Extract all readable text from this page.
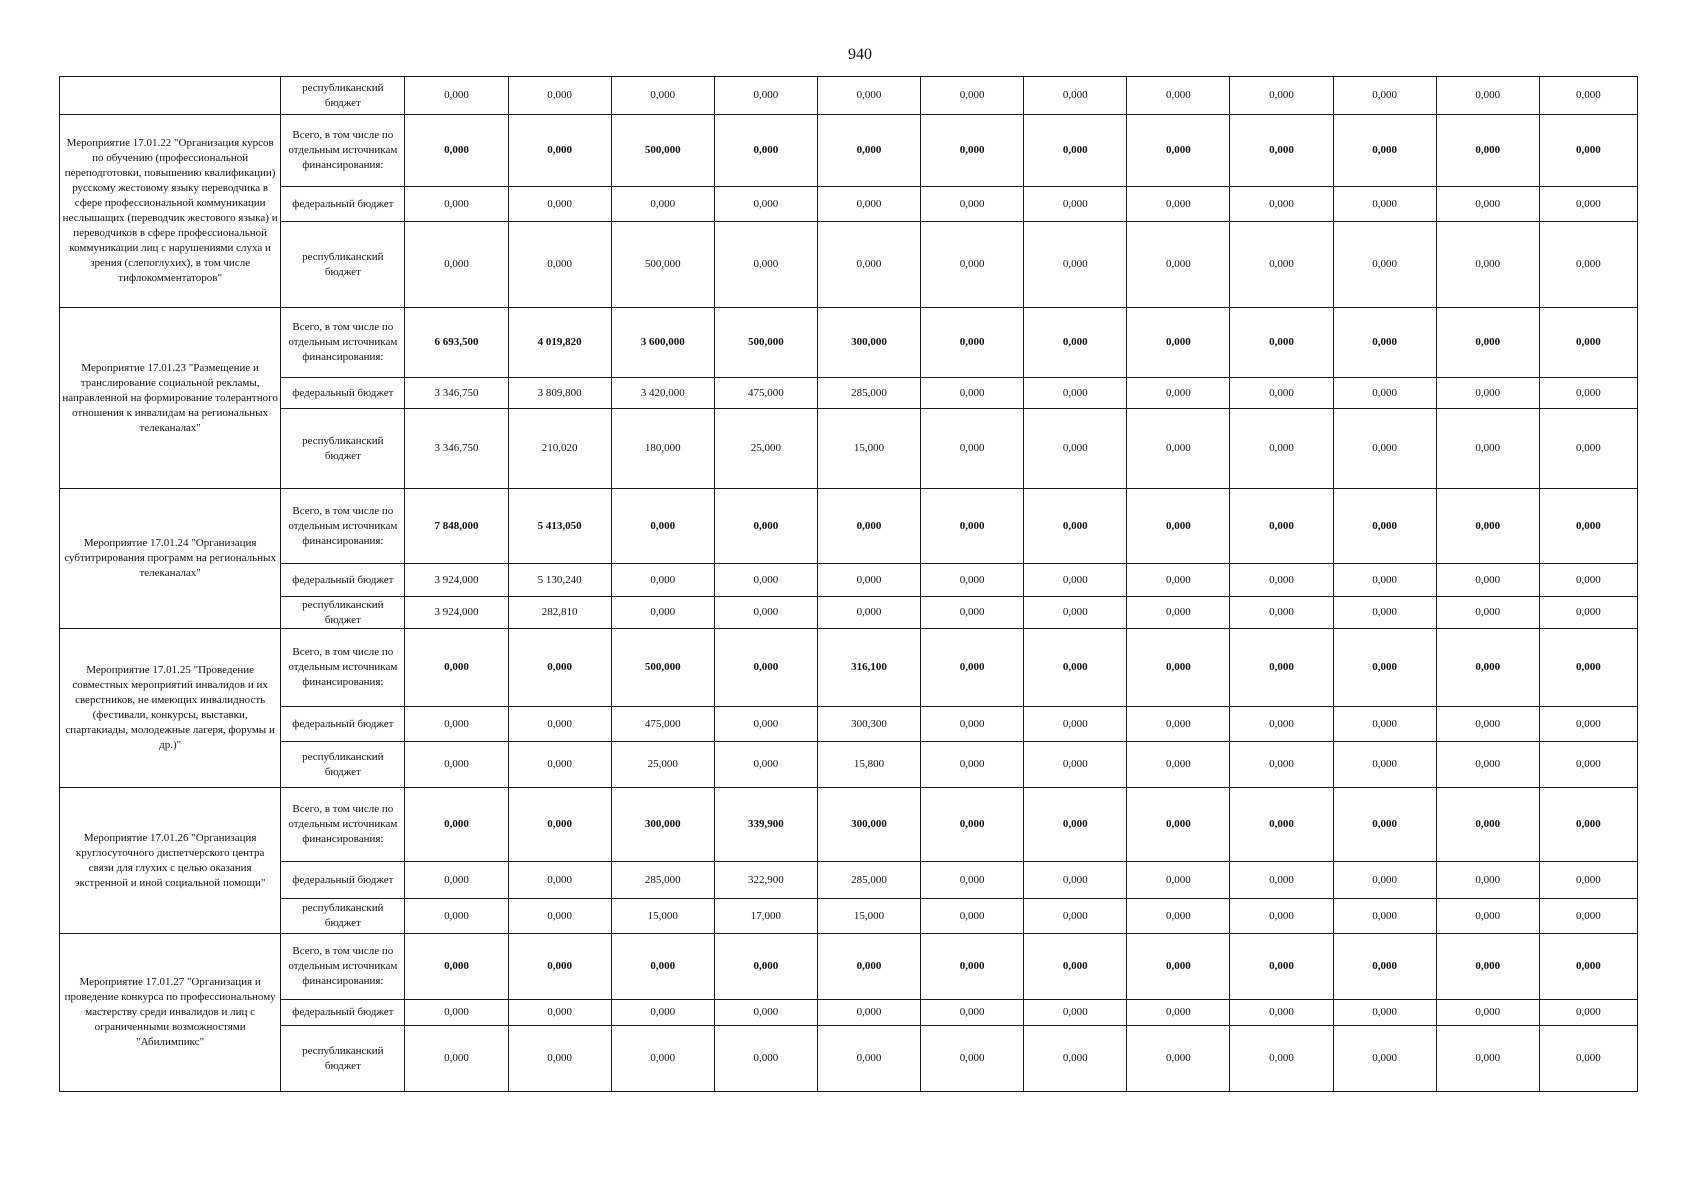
940
	республиканский бюджет	0,000	0,000	0,000	0,000	0,000	0,000	0,000	0,000	0,000	0,000	0,000	0,000
Мероприятие 17.01.22 "Организация курсов по обучению (профессиональной переподготовки, повышению квалификации) русскому жестовому языку переводчика в сфере профессиональной коммуникации неслышащих (переводчик жестового языка) и переводчиков в сфере профессиональной коммуникации лиц с нарушениями слуха и зрения (слепоглухих), в том числе тифлокомментаторов"	Всего, в том числе по отдельным источникам финансирования:	0,000	0,000	500,000	0,000	0,000	0,000	0,000	0,000	0,000	0,000	0,000	0,000
	федеральный бюджет	0,000	0,000	0,000	0,000	0,000	0,000	0,000	0,000	0,000	0,000	0,000	0,000
	республиканский бюджет	0,000	0,000	500,000	0,000	0,000	0,000	0,000	0,000	0,000	0,000	0,000	0,000
Мероприятие 17.01.23 "Размещение и транслирование социальной рекламы, направленной на формирование толерантного отношения к инвалидам на региональных телеканалах"	Всего, в том числе по отдельным источникам финансирования:	6 693,500	4 019,820	3 600,000	500,000	300,000	0,000	0,000	0,000	0,000	0,000	0,000	0,000
	федеральный бюджет	3 346,750	3 809,800	3 420,000	475,000	285,000	0,000	0,000	0,000	0,000	0,000	0,000	0,000
	республиканский бюджет	3 346,750	210,020	180,000	25,000	15,000	0,000	0,000	0,000	0,000	0,000	0,000	0,000
Мероприятие 17.01.24 "Организация субтитрирования программ на региональных телеканалах"	Всего, в том числе по отдельным источникам финансирования:	7 848,000	5 413,050	0,000	0,000	0,000	0,000	0,000	0,000	0,000	0,000	0,000	0,000
	федеральный бюджет	3 924,000	5 130,240	0,000	0,000	0,000	0,000	0,000	0,000	0,000	0,000	0,000	0,000
	республиканский бюджет	3 924,000	282,810	0,000	0,000	0,000	0,000	0,000	0,000	0,000	0,000	0,000	0,000
Мероприятие 17.01.25 "Проведение совместных мероприятий инвалидов и их сверстников, не имеющих инвалидность (фестивали, конкурсы, выставки, спартакиады, молодежные лагеря, форумы и др.)"	Всего, в том числе по отдельным источникам финансирования:	0,000	0,000	500,000	0,000	316,100	0,000	0,000	0,000	0,000	0,000	0,000	0,000
	федеральный бюджет	0,000	0,000	475,000	0,000	300,300	0,000	0,000	0,000	0,000	0,000	0,000	0,000
	республиканский бюджет	0,000	0,000	25,000	0,000	15,800	0,000	0,000	0,000	0,000	0,000	0,000	0,000
Мероприятие 17.01.26 "Организация круглосуточного диспетчерского центра связи для глухих с целью оказания экстренной и иной социальной помощи"	Всего, в том числе по отдельным источникам финансирования:	0,000	0,000	300,000	339,900	300,000	0,000	0,000	0,000	0,000	0,000	0,000	0,000
	федеральный бюджет	0,000	0,000	285,000	322,900	285,000	0,000	0,000	0,000	0,000	0,000	0,000	0,000
	республиканский бюджет	0,000	0,000	15,000	17,000	15,000	0,000	0,000	0,000	0,000	0,000	0,000	0,000
Мероприятие 17.01.27 "Организация и проведение конкурса по профессиональному мастерству среди инвалидов и лиц с ограниченными возможностями "Абилимпикс"	Всего, в том числе по отдельным источникам финансирования:	0,000	0,000	0,000	0,000	0,000	0,000	0,000	0,000	0,000	0,000	0,000	0,000
	федеральный бюджет	0,000	0,000	0,000	0,000	0,000	0,000	0,000	0,000	0,000	0,000	0,000	0,000
	республиканский бюджет	0,000	0,000	0,000	0,000	0,000	0,000	0,000	0,000	0,000	0,000	0,000	0,000
